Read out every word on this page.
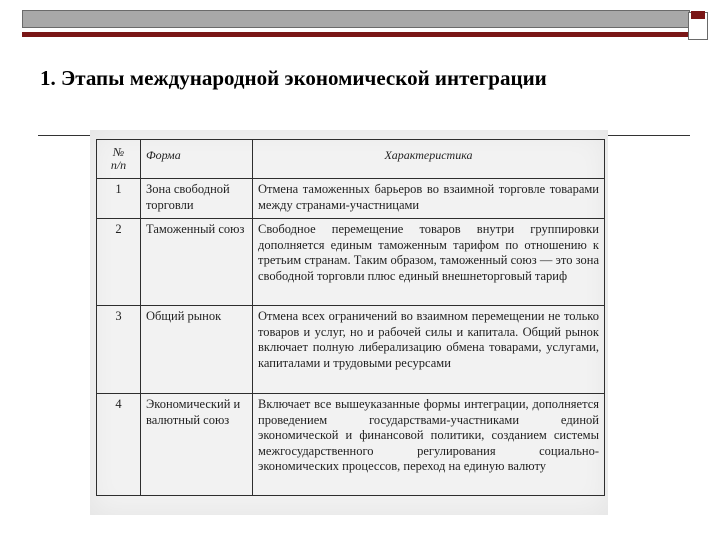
1. Этапы международной экономической интеграции
№
п/п	Форма	Характеристика
1	Зона свободной торговли	Отмена таможенных барьеров во взаимной торговле товарами между странами-участницами
2	Таможенный союз	Свободное перемещение товаров внутри группировки дополняется единым таможенным тарифом по отношению к третьим странам. Таким образом, таможенный союз — это зона свободной торговли плюс единый внешнеторговый тариф
3	Общий рынок	Отмена всех ограничений во взаимном перемещении не только товаров и услуг, но и рабочей силы и капитала. Общий рынок включает полную либерализацию обмена товарами, услугами, капиталами и трудовыми ресурсами
4	Экономический и валютный союз	Включает все вышеуказанные формы интеграции, дополняется проведением государствами-участниками единой экономической и финансовой политики, созданием системы межгосударственного регулирования социально-экономических процессов, переход на единую валюту
